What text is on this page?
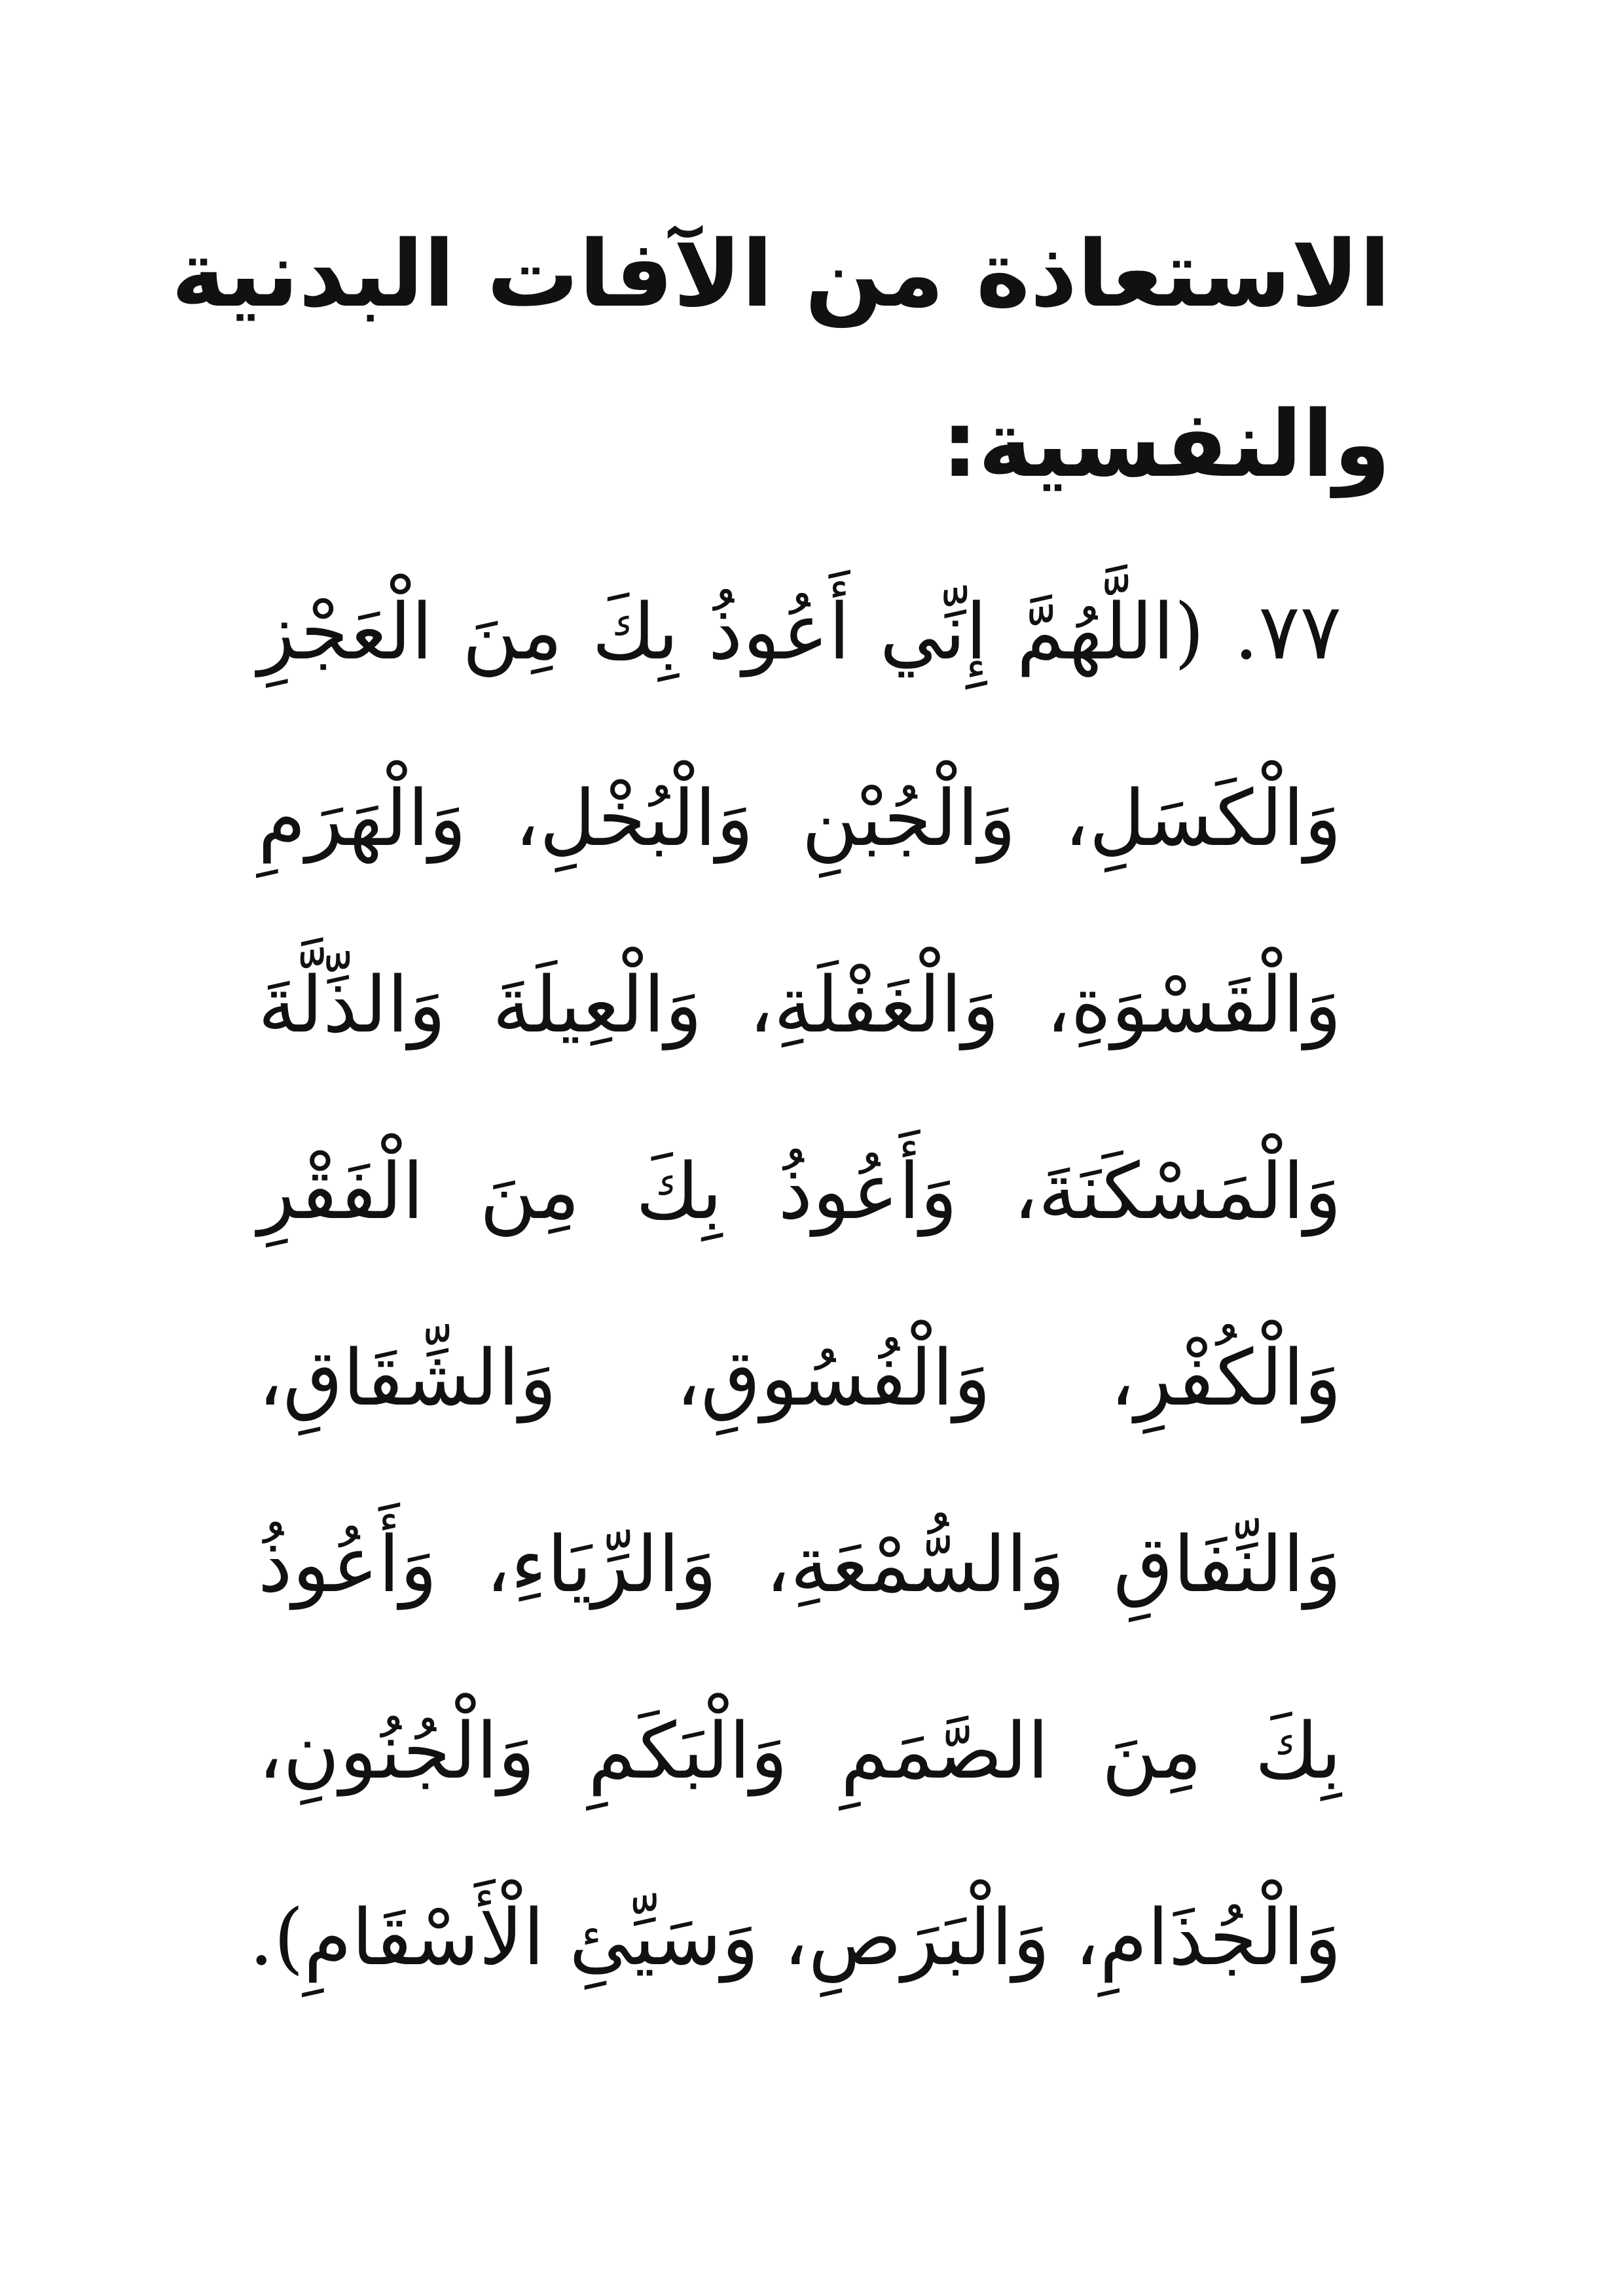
الاستعاذة من الآفات البدنية
والنفسية:
٧٧. (اللَّهُمَّ إِنِّي أَعُوذُ بِكَ مِنَ الْعَجْزِ
وَالْكَسَلِ، وَالْجُبْنِ وَالْبُخْلِ، وَالْهَرَمِ
وَالْقَسْوَةِ، وَالْغَفْلَةِ، وَالْعِيلَةَ وَالذِّلَّةَ
وَالْمَسْكَنَةَ، وَأَعُوذُ بِكَ مِنَ الْفَقْرِ
وَالْكُفْرِ، وَالْفُسُوقِ، وَالشِّقَاقِ،
وَالنِّفَاقِ وَالسُّمْعَةِ، وَالرِّيَاءِ، وَأَعُوذُ
بِكَ مِنَ الصَّمَمِ وَالْبَكَمِ وَالْجُنُونِ،
وَالْجُذَامِ، وَالْبَرَصِ، وَسَيِّئِ الْأَسْقَامِ).
